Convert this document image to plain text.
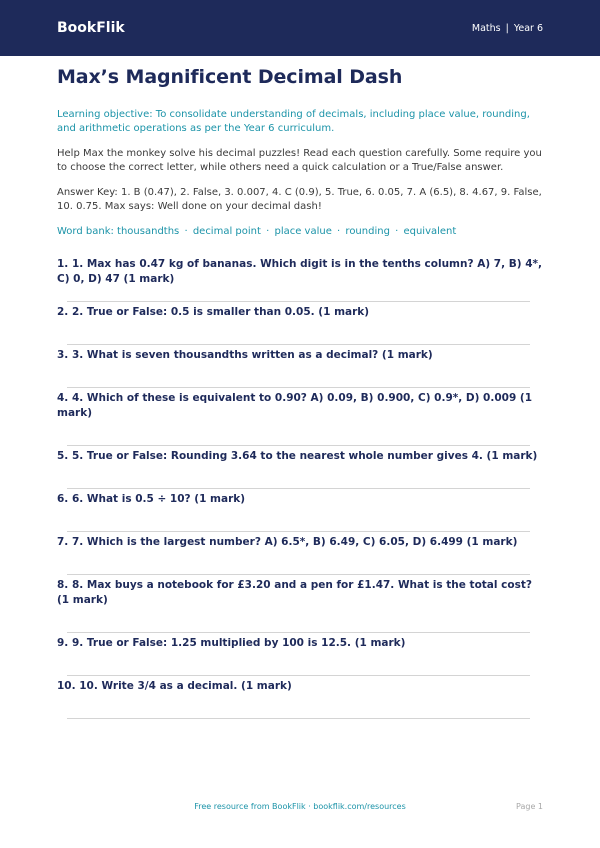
BookFlik	Maths | Year 6
Max’s Magnificent Decimal Dash

Learning objective: To consolidate understanding of decimals, including place value, rounding, and arithmetic operations as per the Year 6 curriculum.

Help Max the monkey solve his decimal puzzles! Read each question carefully. Some require you to choose the correct letter, while others need a quick calculation or a True/False answer.

Answer Key: 1. B (0.47), 2. False, 3. 0.007, 4. C (0.9), 5. True, 6. 0.05, 7. A (6.5), 8. 4.67, 9. False, 10. 0.75. Max says: Well done on your decimal dash!

Word bank: thousandths · decimal point · place value · rounding · equivalent

1. 1. Max has 0.47 kg of bananas. Which digit is in the tenths column? A) 7, B) 4*, C) 0, D) 47 (1 mark)
2. 2. True or False: 0.5 is smaller than 0.05. (1 mark)
3. 3. What is seven thousandths written as a decimal? (1 mark)
4. 4. Which of these is equivalent to 0.90? A) 0.09, B) 0.900, C) 0.9*, D) 0.009 (1 mark)
5. 5. True or False: Rounding 3.64 to the nearest whole number gives 4. (1 mark)
6. 6. What is 0.5 ÷ 10? (1 mark)
7. 7. Which is the largest number? A) 6.5*, B) 6.49, C) 6.05, D) 6.499 (1 mark)
8. 8. Max buys a notebook for £3.20 and a pen for £1.47. What is the total cost? (1 mark)
9. 9. True or False: 1.25 multiplied by 100 is 12.5. (1 mark)
10. 10. Write 3/4 as a decimal. (1 mark)
Free resource from BookFlik · bookflik.com/resources	Page 1
